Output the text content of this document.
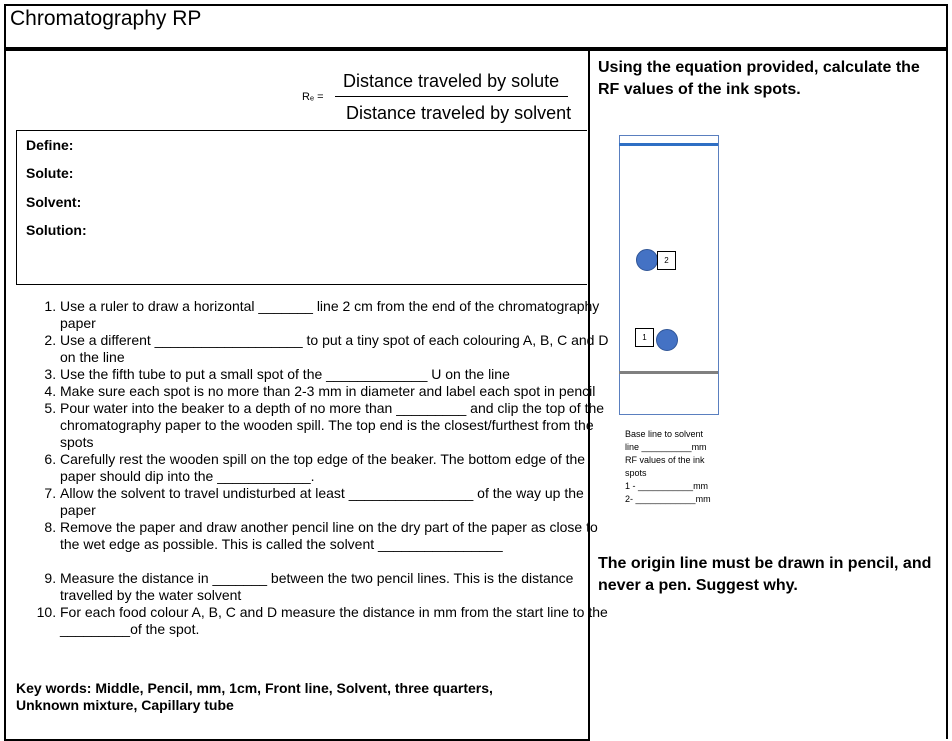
Chromatography RP
Rₑ =
Distance traveled by solute
Distance traveled by solvent
Define:
Solute:
Solvent:
Solution:
1. Use a ruler to draw a horizontal _______ line 2 cm from the end of the chromatography paper
2. Use a different ___________________ to put a tiny spot of each colouring A, B, C and D on the line
3. Use the fifth tube to put a small spot of the _____________ U on the line
4. Make sure each spot is no more than 2-3 mm in diameter and label each spot in pencil
5. Pour water into the beaker to a depth of no more than _________ and clip the top of the chromatography paper to the wooden spill. The top end is the closest/furthest from the spots
6. Carefully rest the wooden spill on the top edge of the beaker. The bottom edge of the paper should dip into the ____________.
7. Allow the solvent to travel undisturbed at least ________________ of the way up the paper
8. Remove the paper and draw another pencil line on the dry part of the paper as close to the wet edge as possible. This is called the solvent ________________
9. Measure the distance in _______ between the two pencil lines. This is the distance travelled by the water solvent
10. For each food colour A, B, C and D measure the distance in mm from the start line to the _________of the spot.
Key words: Middle, Pencil, mm, 1cm, Front line, Solvent, three quarters, Unknown mixture, Capillary tube
Using the equation provided, calculate the RF values of the ink spots.
2
1
Base line to solvent
line __________mm
RF values of the ink
spots
1 - ___________mm
2- ____________mm
The origin line must be drawn in pencil, and never a pen. Suggest why.
